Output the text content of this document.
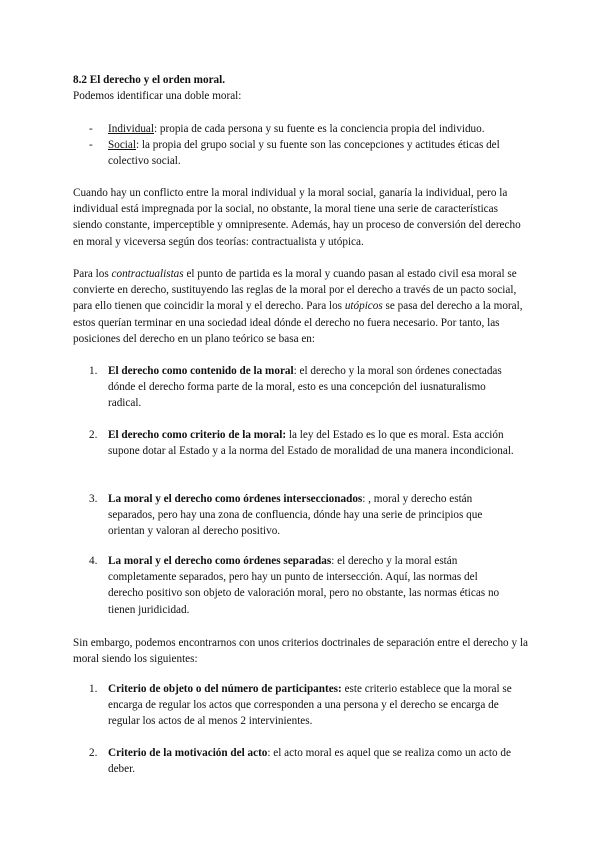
8.2 El derecho y el orden moral.

Podemos identificar una doble moral:

-	Individual: propia de cada persona y su fuente es la conciencia propia del individuo.
-	Social: la propia del grupo social y su fuente son las concepciones y actitudes éticas del colectivo social.

Cuando hay un conflicto entre la moral individual y la moral social, ganaría la individual, pero la individual está impregnada por la social, no obstante, la moral tiene una serie de características siendo constante, imperceptible y omnipresente. Además, hay un proceso de conversión del derecho en moral y viceversa según dos teorías: contractualista y utópica.

Para los contractualistas el punto de partida es la moral y cuando pasan al estado civil esa moral se convierte en derecho, sustituyendo las reglas de la moral por el derecho a través de un pacto social, para ello tienen que coincidir la moral y el derecho. Para los utópicos se pasa del derecho a la moral, estos querían terminar en una sociedad ideal dónde el derecho no fuera necesario. Por tanto, las posiciones del derecho en un plano teórico se basa en:

1. El derecho como contenido de la moral: el derecho y la moral son órdenes conectadas dónde el derecho forma parte de la moral, esto es una concepción del iusnaturalismo radical.
2. El derecho como criterio de la moral: la ley del Estado es lo que es moral. Esta acción supone dotar al Estado y a la norma del Estado de moralidad de una manera incondicional.
3. La moral y el derecho como órdenes interseccionados: , moral y derecho están separados, pero hay una zona de confluencia, dónde hay una serie de principios que orientan y valoran al derecho positivo.
4. La moral y el derecho como órdenes separadas: el derecho y la moral están completamente separados, pero hay un punto de intersección. Aquí, las normas del derecho positivo son objeto de valoración moral, pero no obstante, las normas éticas no tienen juridicidad.

Sin embargo, podemos encontrarnos con unos criterios doctrinales de separación entre el derecho y la moral siendo los siguientes:

1. Criterio de objeto o del número de participantes: este criterio establece que la moral se encarga de regular los actos que corresponden a una persona y el derecho se encarga de regular los actos de al menos 2 intervinientes.
2. Criterio de la motivación del acto: el acto moral es aquel que se realiza como un acto de deber.
